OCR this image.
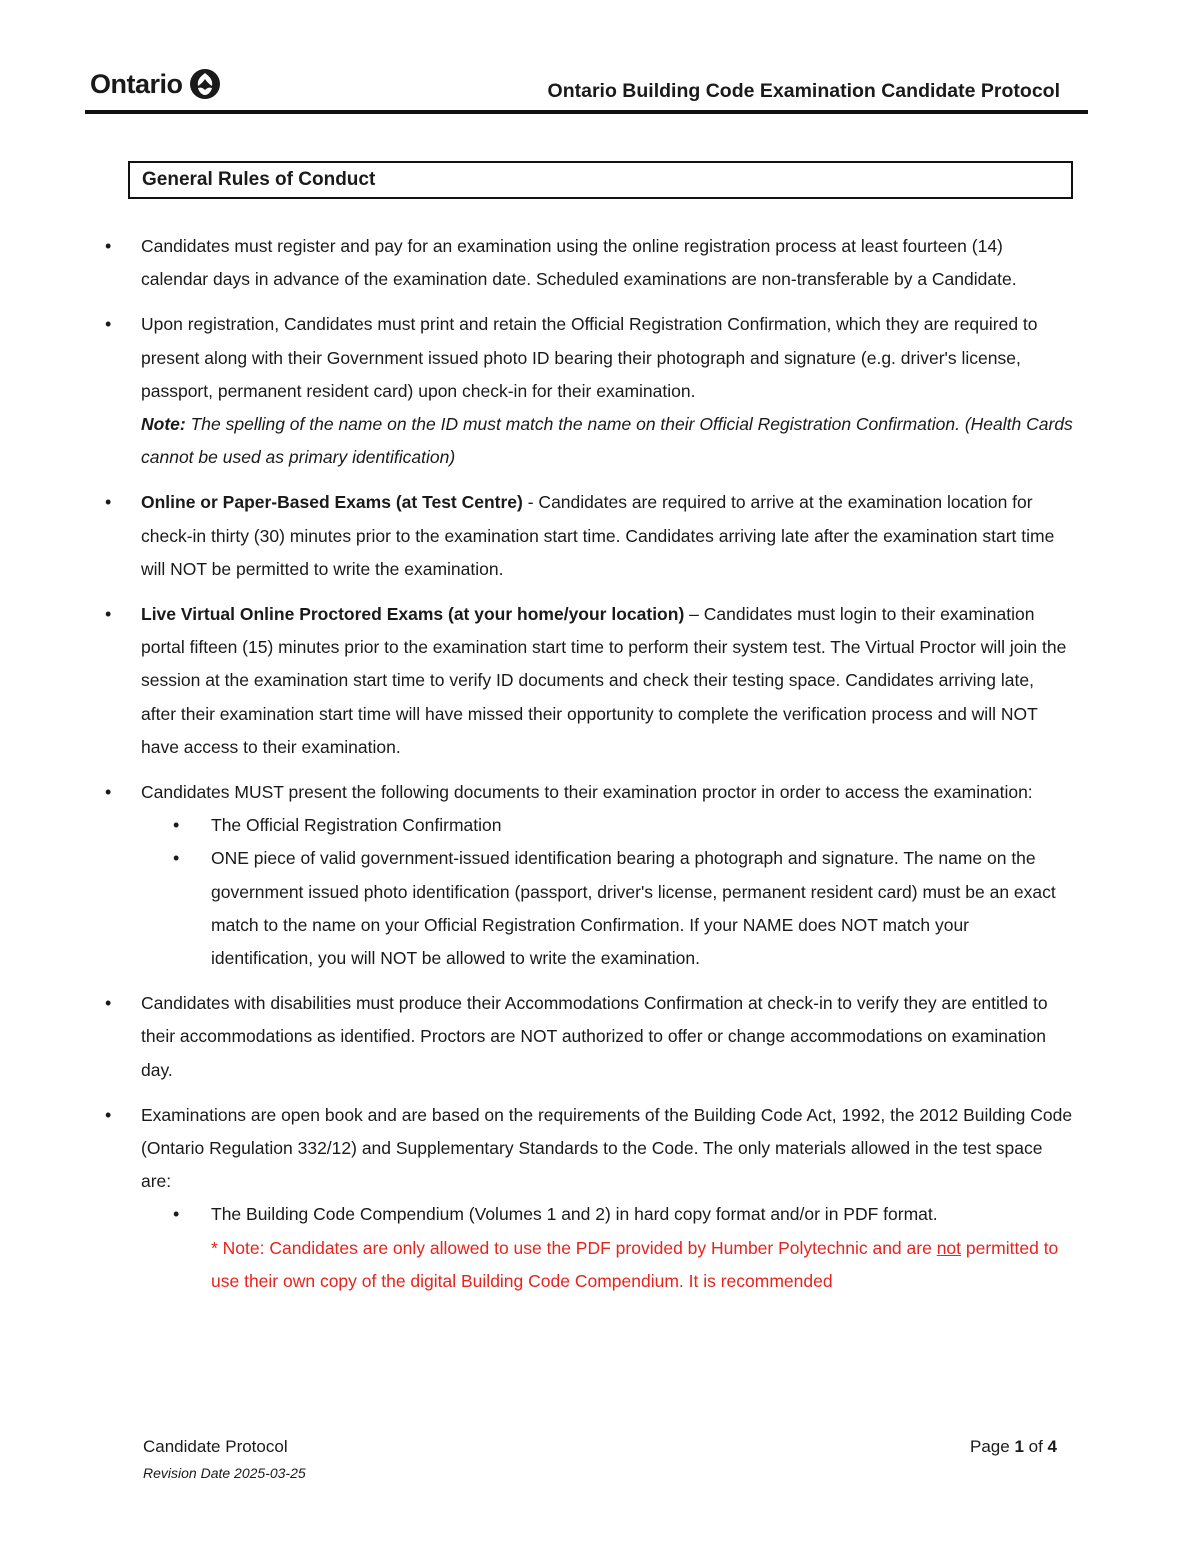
Ontario	Ontario Building Code Examination Candidate Protocol
General Rules of Conduct
• Candidates must register and pay for an examination using the online registration process at least fourteen (14) calendar days in advance of the examination date. Scheduled examinations are non-transferable by a Candidate.
• Upon registration, Candidates must print and retain the Official Registration Confirmation, which they are required to present along with their Government issued photo ID bearing their photograph and signature (e.g. driver's license, passport, permanent resident card) upon check-in for their examination.
Note: The spelling of the name on the ID must match the name on their Official Registration Confirmation. (Health Cards cannot be used as primary identification)
• Online or Paper-Based Exams (at Test Centre) - Candidates are required to arrive at the examination location for check-in thirty (30) minutes prior to the examination start time. Candidates arriving late after the examination start time will NOT be permitted to write the examination.
• Live Virtual Online Proctored Exams (at your home/your location) – Candidates must login to their examination portal fifteen (15) minutes prior to the examination start time to perform their system test. The Virtual Proctor will join the session at the examination start time to verify ID documents and check their testing space. Candidates arriving late, after their examination start time will have missed their opportunity to complete the verification process and will NOT have access to their examination.
• Candidates MUST present the following documents to their examination proctor in order to access the examination:
• The Official Registration Confirmation
• ONE piece of valid government-issued identification bearing a photograph and signature. The name on the government issued photo identification (passport, driver's license, permanent resident card) must be an exact match to the name on your Official Registration Confirmation. If your NAME does NOT match your identification, you will NOT be allowed to write the examination.
• Candidates with disabilities must produce their Accommodations Confirmation at check-in to verify they are entitled to their accommodations as identified. Proctors are NOT authorized to offer or change accommodations on examination day.
• Examinations are open book and are based on the requirements of the Building Code Act, 1992, the 2012 Building Code (Ontario Regulation 332/12) and Supplementary Standards to the Code. The only materials allowed in the test space are:
• The Building Code Compendium (Volumes 1 and 2) in hard copy format and/or in PDF format.
* Note: Candidates are only allowed to use the PDF provided by Humber Polytechnic and are not permitted to use their own copy of the digital Building Code Compendium. It is recommended
Candidate Protocol
Revision Date 2025-03-25
Page 1 of 4
